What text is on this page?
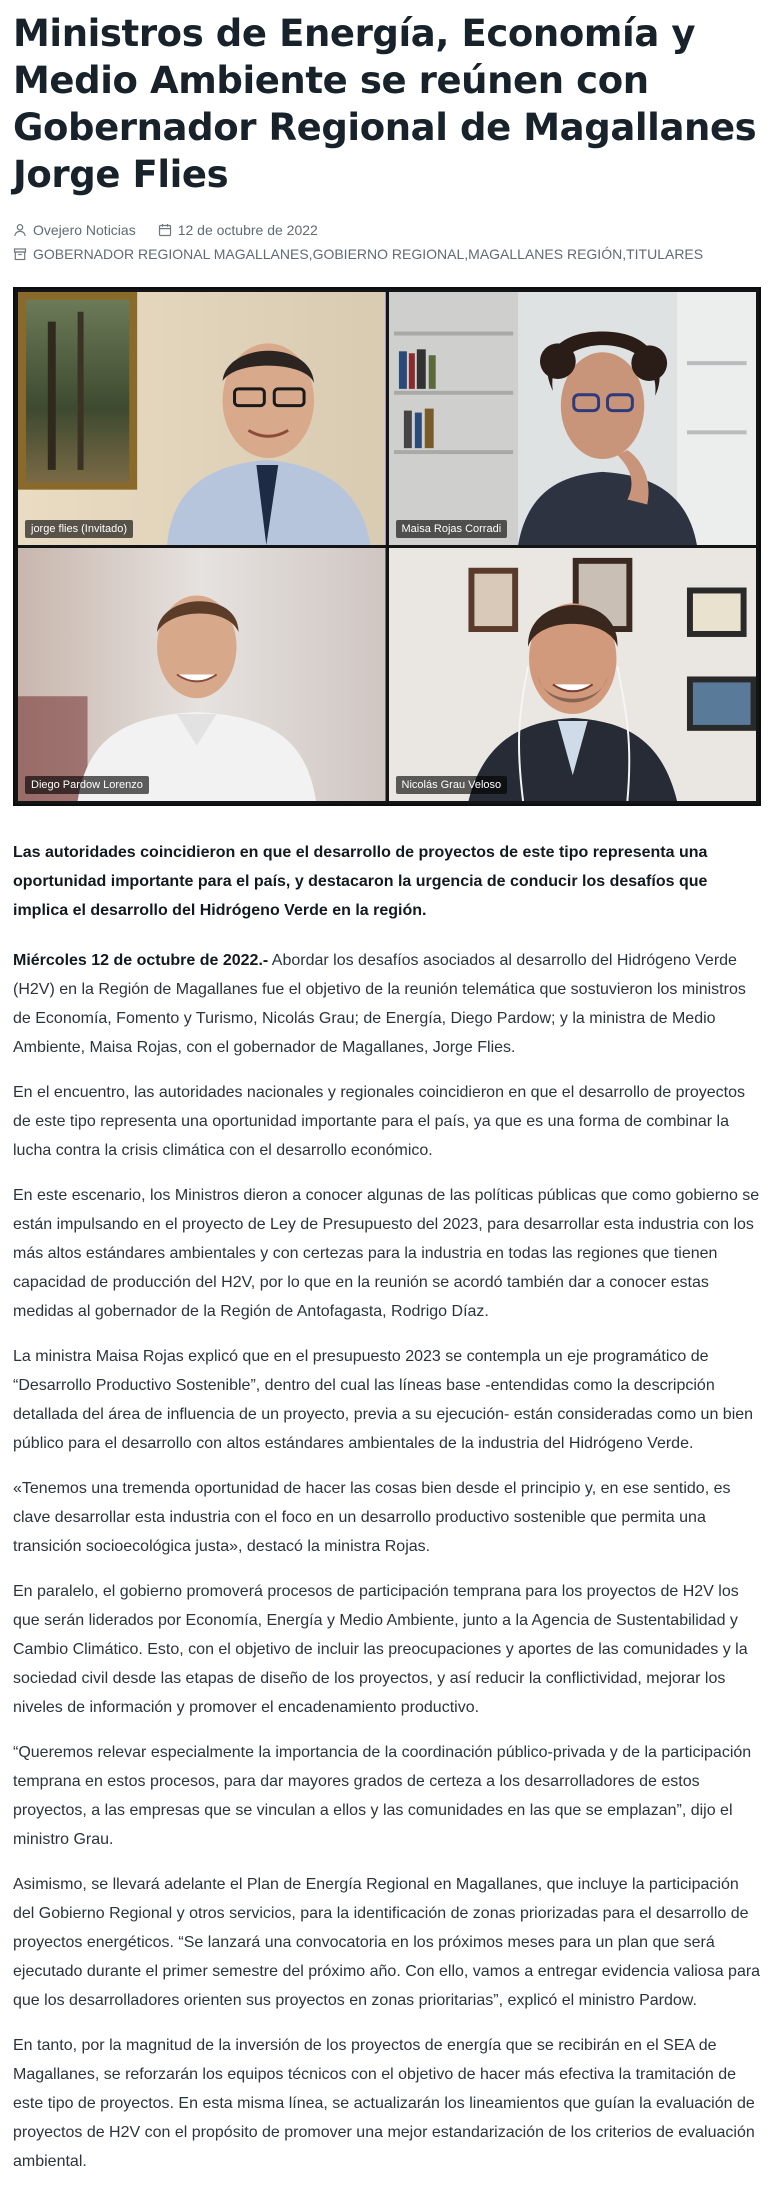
Ministros de Energía, Economía y Medio Ambiente se reúnen con Gobernador Regional de Magallanes Jorge Flies
Ovejero Noticias	12 de octubre de 2022
GOBERNADOR REGIONAL MAGALLANES , GOBIERNO REGIONAL , MAGALLANES REGIÓN , TITULARES
jorge flies (Invitado)	Maisa Rojas Corradi
Diego Pardow Lorenzo	Nicolás Grau Veloso

Las autoridades coincidieron en que el desarrollo de proyectos de este tipo representa una oportunidad importante para el país, y destacaron la urgencia de conducir los desafíos que implica el desarrollo del Hidrógeno Verde en la región.

Miércoles 12 de octubre de 2022.- Abordar los desafíos asociados al desarrollo del Hidrógeno Verde (H2V) en la Región de Magallanes fue el objetivo de la reunión telemática que sostuvieron los ministros de Economía, Fomento y Turismo, Nicolás Grau; de Energía, Diego Pardow; y la ministra de Medio Ambiente, Maisa Rojas, con el gobernador de Magallanes, Jorge Flies.

En el encuentro, las autoridades nacionales y regionales coincidieron en que el desarrollo de proyectos de este tipo representa una oportunidad importante para el país, ya que es una forma de combinar la lucha contra la crisis climática con el desarrollo económico.

En este escenario, los Ministros dieron a conocer algunas de las políticas públicas que como gobierno se están impulsando en el proyecto de Ley de Presupuesto del 2023, para desarrollar esta industria con los más altos estándares ambientales y con certezas para la industria en todas las regiones que tienen capacidad de producción del H2V, por lo que en la reunión se acordó también dar a conocer estas medidas al gobernador de la Región de Antofagasta, Rodrigo Díaz.

La ministra Maisa Rojas explicó que en el presupuesto 2023 se contempla un eje programático de “Desarrollo Productivo Sostenible”, dentro del cual las líneas base -entendidas como la descripción detallada del área de influencia de un proyecto, previa a su ejecución- están consideradas como un bien público para el desarrollo con altos estándares ambientales de la industria del Hidrógeno Verde.

«Tenemos una tremenda oportunidad de hacer las cosas bien desde el principio y, en ese sentido, es clave desarrollar esta industria con el foco en un desarrollo productivo sostenible que permita una transición socioecológica justa», destacó la ministra Rojas.

En paralelo, el gobierno promoverá procesos de participación temprana para los proyectos de H2V los que serán liderados por Economía, Energía y Medio Ambiente, junto a la Agencia de Sustentabilidad y Cambio Climático. Esto, con el objetivo de incluir las preocupaciones y aportes de las comunidades y la sociedad civil desde las etapas de diseño de los proyectos, y así reducir la conflictividad, mejorar los niveles de información y promover el encadenamiento productivo.

“Queremos relevar especialmente la importancia de la coordinación público-privada y de la participación temprana en estos procesos, para dar mayores grados de certeza a los desarrolladores de estos proyectos, a las empresas que se vinculan a ellos y las comunidades en las que se emplazan”, dijo el ministro Grau.

Asimismo, se llevará adelante el Plan de Energía Regional en Magallanes, que incluye la participación del Gobierno Regional y otros servicios, para la identificación de zonas priorizadas para el desarrollo de proyectos energéticos. “Se lanzará una convocatoria en los próximos meses para un plan que será ejecutado durante el primer semestre del próximo año. Con ello, vamos a entregar evidencia valiosa para que los desarrolladores orienten sus proyectos en zonas prioritarias”, explicó el ministro Pardow.

En tanto, por la magnitud de la inversión de los proyectos de energía que se recibirán en el SEA de Magallanes, se reforzarán los equipos técnicos con el objetivo de hacer más efectiva la tramitación de este tipo de proyectos. En esta misma línea, se actualizarán los lineamientos que guían la evaluación de proyectos de H2V con el propósito de promover una mejor estandarización de los criterios de evaluación ambiental.
